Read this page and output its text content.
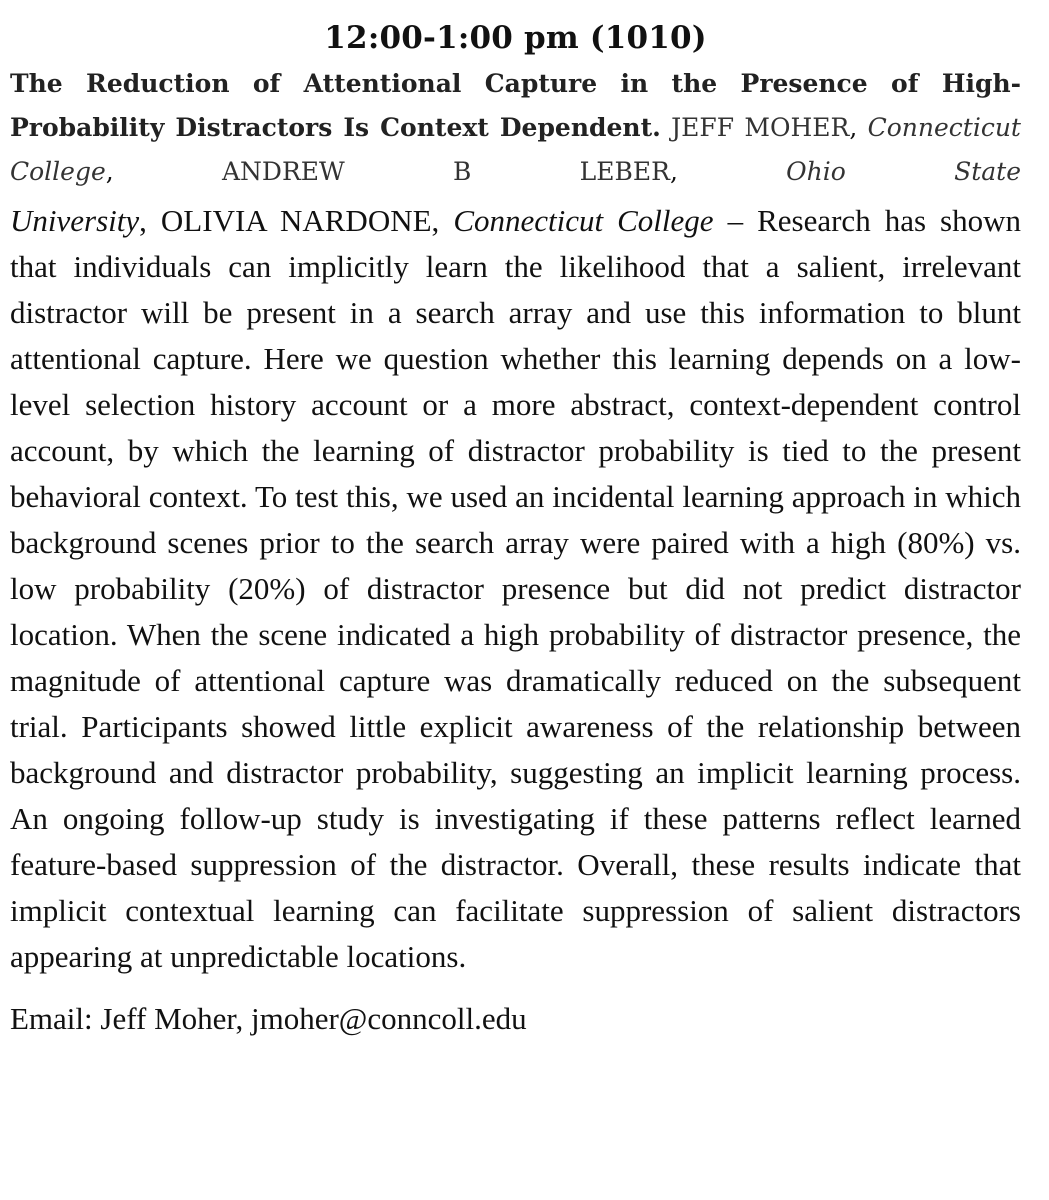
12:00-1:00 pm (1010)

The Reduction of Attentional Capture in the Presence of High-Probability Distractors Is Context Dependent. JEFF MOHER, Connecticut College, ANDREW B LEBER, Ohio State

University, OLIVIA NARDONE, Connecticut College – Research has shown that individuals can implicitly learn the likelihood that a salient, irrelevant distractor will be present in a search array and use this information to blunt attentional capture. Here we question whether this learning depends on a low-level selection history account or a more abstract, context-dependent control account, by which the learning of distractor probability is tied to the present behavioral context. To test this, we used an incidental learning approach in which background scenes prior to the search array were paired with a high (80%) vs. low probability (20%) of distractor presence but did not predict distractor location. When the scene indicated a high probability of distractor presence, the magnitude of attentional capture was dramatically reduced on the subsequent trial. Participants showed little explicit awareness of the relationship between background and distractor probability, suggesting an implicit learning process. An ongoing follow-up study is investigating if these patterns reflect learned feature-based suppression of the distractor. Overall, these results indicate that implicit contextual learning can facilitate suppression of salient distractors appearing at unpredictable locations.

Email: Jeff Moher, jmoher@conncoll.edu
